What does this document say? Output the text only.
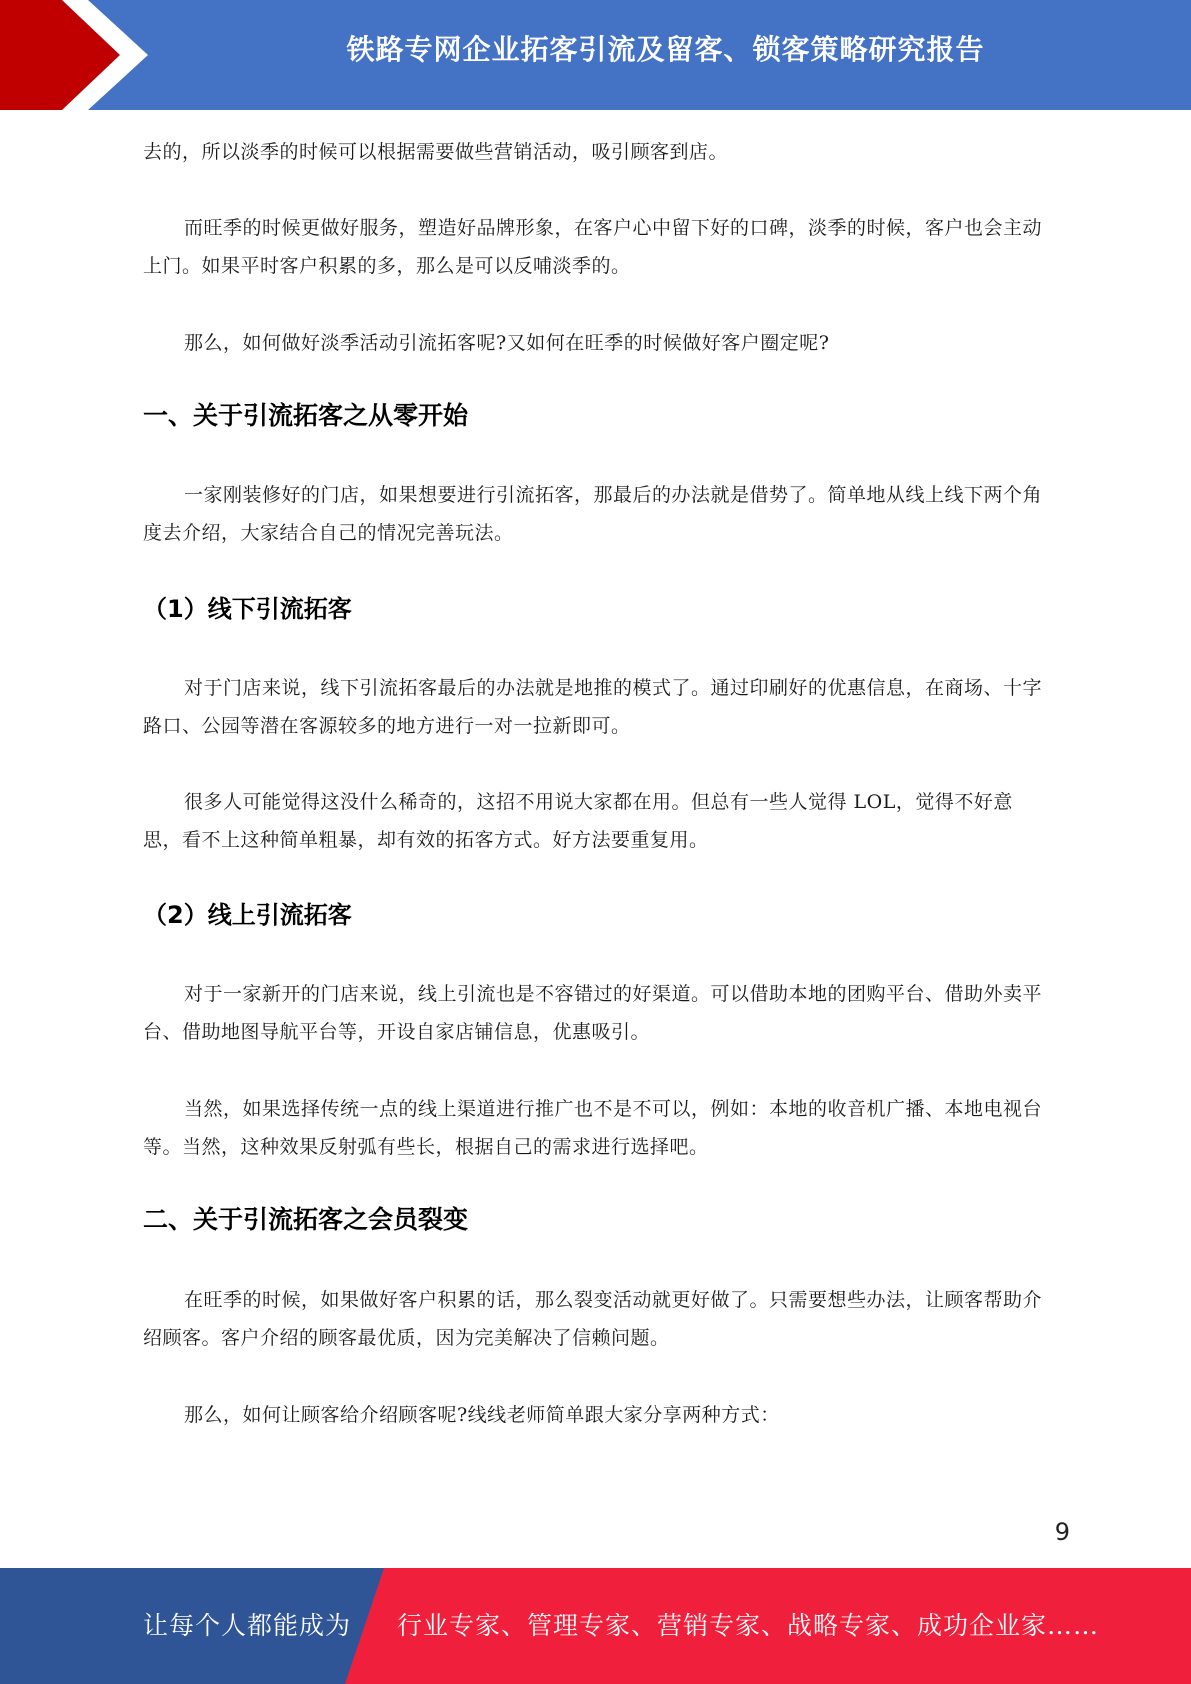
铁路专网企业拓客引流及留客、锁客策略研究报告

去的，所以淡季的时候可以根据需要做些营销活动，吸引顾客到店。

而旺季的时候更做好服务，塑造好品牌形象，在客户心中留下好的口碑，淡季的时候，客户也会主动上门。如果平时客户积累的多，那么是可以反哺淡季的。

那么，如何做好淡季活动引流拓客呢?又如何在旺季的时候做好客户圈定呢?

一、关于引流拓客之从零开始

一家刚装修好的门店，如果想要进行引流拓客，那最后的办法就是借势了。简单地从线上线下两个角度去介绍，大家结合自己的情况完善玩法。

（1）线下引流拓客

对于门店来说，线下引流拓客最后的办法就是地推的模式了。通过印刷好的优惠信息，在商场、十字路口、公园等潜在客源较多的地方进行一对一拉新即可。

很多人可能觉得这没什么稀奇的，这招不用说大家都在用。但总有一些人觉得 LOL，觉得不好意思，看不上这种简单粗暴，却有效的拓客方式。好方法要重复用。

（2）线上引流拓客

对于一家新开的门店来说，线上引流也是不容错过的好渠道。可以借助本地的团购平台、借助外卖平台、借助地图导航平台等，开设自家店铺信息，优惠吸引。

当然，如果选择传统一点的线上渠道进行推广也不是不可以，例如：本地的收音机广播、本地电视台等。当然，这种效果反射弧有些长，根据自己的需求进行选择吧。

二、关于引流拓客之会员裂变

在旺季的时候，如果做好客户积累的话，那么裂变活动就更好做了。只需要想些办法，让顾客帮助介绍顾客。客户介绍的顾客最优质，因为完美解决了信赖问题。

那么，如何让顾客给介绍顾客呢?线线老师简单跟大家分享两种方式：

9
让每个人都能成为 行业专家、管理专家、营销专家、战略专家、成功企业家……
